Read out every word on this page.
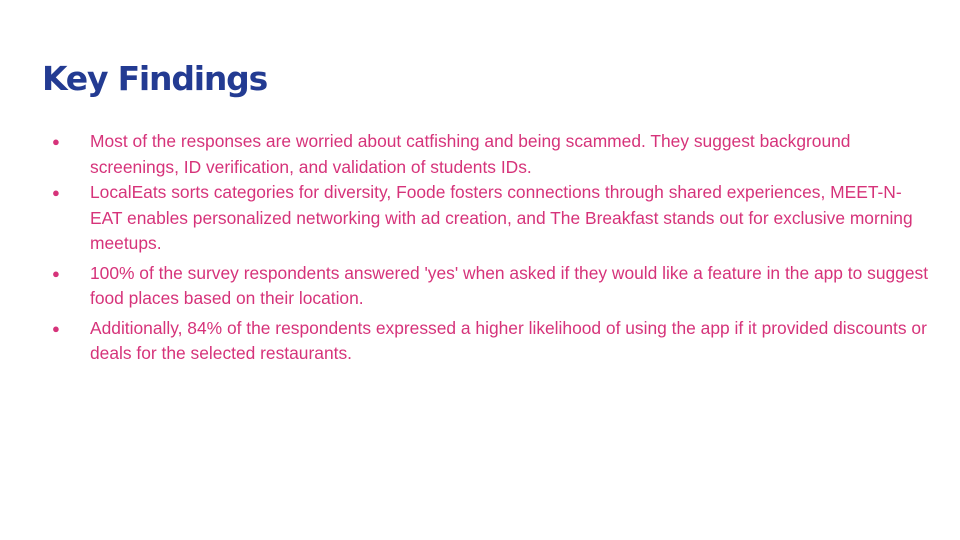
Key Findings
● Most of the responses are worried about catfishing and being scammed. They suggest background screenings, ID verification, and validation of students IDs.
● LocalEats sorts categories for diversity, Foode fosters connections through shared experiences, MEET-N-EAT enables personalized networking with ad creation, and The Breakfast stands out for exclusive morning meetups.
● 100% of the survey respondents answered 'yes' when asked if they would like a feature in the app to suggest food places based on their location.
● Additionally, 84% of the respondents expressed a higher likelihood of using the app if it provided discounts or deals for the selected restaurants.
